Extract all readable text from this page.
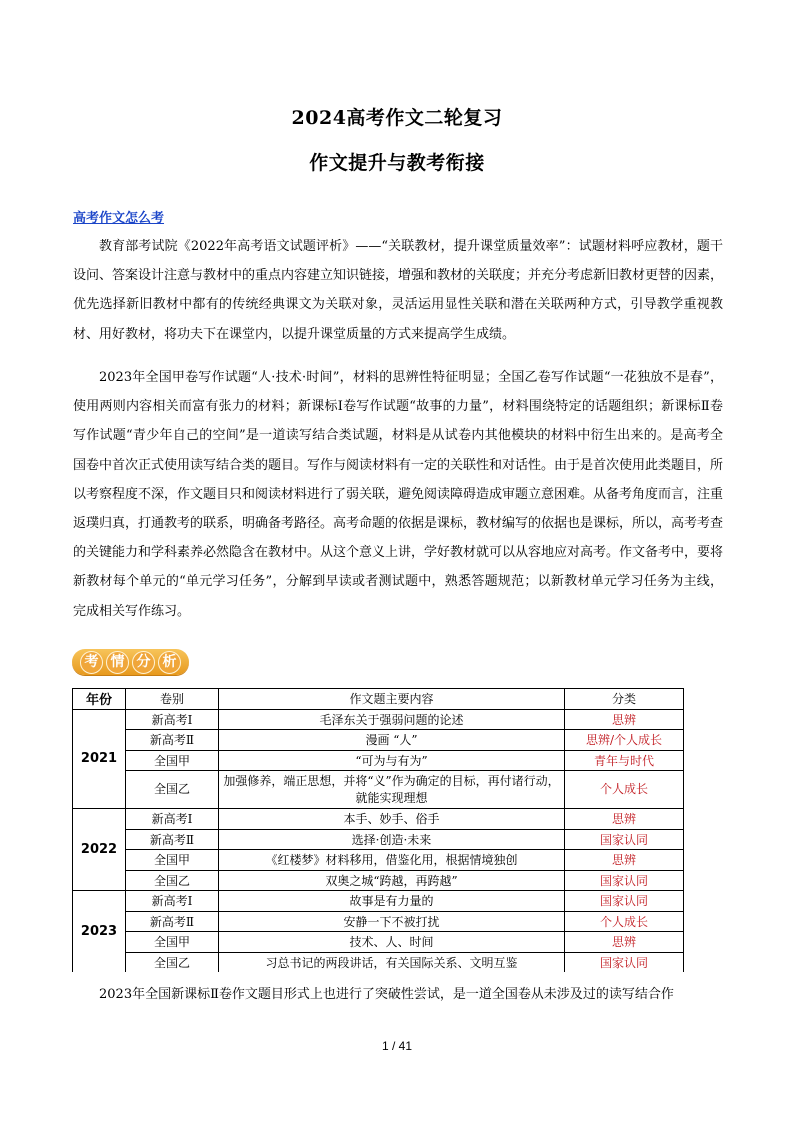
2024高考作文二轮复习
作文提升与教考衔接
高考作文怎么考

教育部考试院《2022年高考语文试题评析》——“关联教材，提升课堂质量效率”：试题材料呼应教材，题干设问、答案设计注意与教材中的重点内容建立知识链接，增强和教材的关联度；并充分考虑新旧教材更替的因素，优先选择新旧教材中都有的传统经典课文为关联对象，灵活运用显性关联和潜在关联两种方式，引导教学重视教材、用好教材，将功夫下在课堂内，以提升课堂质量的方式来提高学生成绩。

2023年全国甲卷写作试题“人·技术·时间”，材料的思辨性特征明显；全国乙卷写作试题“一花独放不是春”，使用两则内容相关而富有张力的材料；新课标Ⅰ卷写作试题“故事的力量”，材料围绕特定的话题组织；新课标Ⅱ卷写作试题“青少年自己的空间”是一道读写结合类试题，材料是从试卷内其他模块的材料中衍生出来的。是高考全国卷中首次正式使用读写结合类的题目。写作与阅读材料有一定的关联性和对话性。由于是首次使用此类题目，所以考察程度不深，作文题目只和阅读材料进行了弱关联，避免阅读障碍造成审题立意困难。从备考角度而言，注重返璞归真，打通教考的联系，明确备考路径。高考命题的依据是课标，教材编写的依据也是课标，所以，高考考查的关键能力和学科素养必然隐含在教材中。从这个意义上讲，学好教材就可以从容地应对高考。作文备考中，要将新教材每个单元的“单元学习任务”，分解到早读或者测试题中，熟悉答题规范；以新教材单元学习任务为主线，完成相关写作练习。

考 情 分 析
年份	卷别	作文题主要内容	分类
2021	新高考Ⅰ	毛泽东关于强弱问题的论述	思辨
	新高考Ⅱ	漫画 “人”	思辨/个人成长
	全国甲	“可为与有为”	青年与时代
	全国乙	加强修养，端正思想，并将“义”作为确定的目标，再付诸行动，就能实现理想	个人成长
2022	新高考Ⅰ	本手、妙手、俗手	思辨
	新高考Ⅱ	选择·创造·未来	国家认同
	全国甲	《红楼梦》材料移用，借鉴化用，根据情境独创	思辨
	全国乙	双奥之城“跨越，再跨越”	国家认同
2023	新高考Ⅰ	故事是有力量的	国家认同
	新高考Ⅱ	安静一下不被打扰	个人成长
	全国甲	技术、人、时间	思辨
	全国乙	习总书记的两段讲话，有关国际关系、文明互鉴	国家认同

2023年全国新课标Ⅱ卷作文题目形式上也进行了突破性尝试，是一道全国卷从未涉及过的读写结合作

1 / 41
